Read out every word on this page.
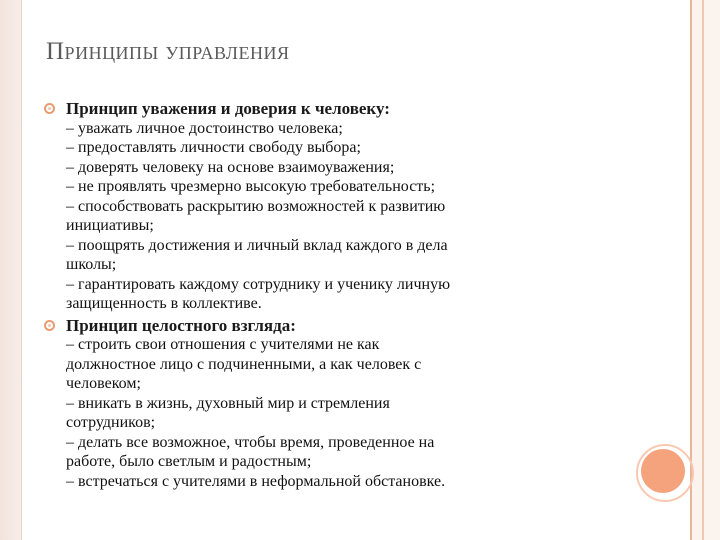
Принципы управления
Принцип уважения и доверия к человеку:
– уважать личное достоинство человека;
– предоставлять личности свободу выбора;
– доверять человеку на основе взаимоуважения;
– не проявлять чрезмерно высокую требовательность;
– способствовать раскрытию возможностей к развитию
инициативы;
– поощрять достижения и личный вклад каждого в дела
школы;
– гарантировать каждому сотруднику и ученику личную
защищенность в коллективе.
Принцип целостного взгляда:
– строить свои отношения с учителями не как
должностное лицо с подчиненными, а как человек с
человеком;
– вникать в жизнь, духовный мир и стремления
сотрудников;
– делать все возможное, чтобы время, проведенное на
работе, было светлым и радостным;
– встречаться с учителями в неформальной обстановке.
